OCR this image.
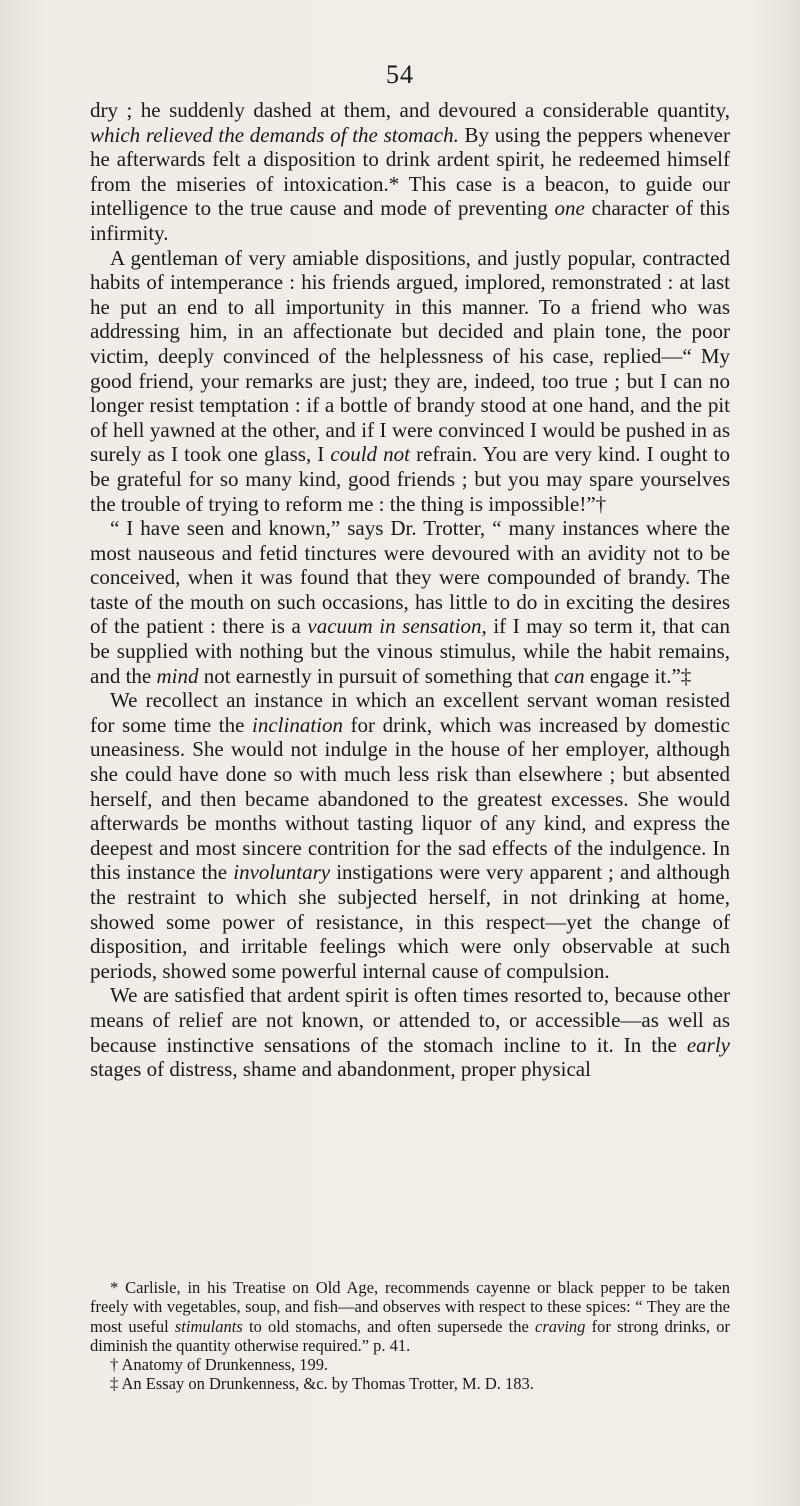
54

dry ; he suddenly dashed at them, and devoured a considerable quantity, which relieved the demands of the stomach. By using the peppers whenever he afterwards felt a disposition to drink ardent spirit, he redeemed himself from the miseries of intoxication.* This case is a beacon, to guide our intelligence to the true cause and mode of preventing one character of this infirmity.

A gentleman of very amiable dispositions, and justly popular, contracted habits of intemperance : his friends argued, implored, remonstrated : at last he put an end to all importunity in this manner. To a friend who was addressing him, in an affectionate but decided and plain tone, the poor victim, deeply convinced of the helplessness of his case, replied—“ My good friend, your remarks are just; they are, indeed, too true ; but I can no longer resist temptation : if a bottle of brandy stood at one hand, and the pit of hell yawned at the other, and if I were convinced I would be pushed in as surely as I took one glass, I could not refrain. You are very kind. I ought to be grateful for so many kind, good friends ; but you may spare yourselves the trouble of trying to reform me : the thing is impossible!”†

“ I have seen and known,” says Dr. Trotter, “ many instances where the most nauseous and fetid tinctures were devoured with an avidity not to be conceived, when it was found that they were compounded of brandy. The taste of the mouth on such occasions, has little to do in exciting the desires of the patient : there is a vacuum in sensation, if I may so term it, that can be supplied with nothing but the vinous stimulus, while the habit remains, and the mind not earnestly in pursuit of something that can engage it.”‡

We recollect an instance in which an excellent servant woman resisted for some time the inclination for drink, which was increased by domestic uneasiness. She would not indulge in the house of her employer, although she could have done so with much less risk than elsewhere ; but absented herself, and then became abandoned to the greatest excesses. She would afterwards be months without tasting liquor of any kind, and express the deepest and most sincere contrition for the sad effects of the indulgence. In this instance the involuntary instigations were very apparent ; and although the restraint to which she subjected herself, in not drinking at home, showed some power of resistance, in this respect—yet the change of disposition, and irritable feelings which were only observable at such periods, showed some powerful internal cause of compulsion.

We are satisfied that ardent spirit is often times resorted to, because other means of relief are not known, or attended to, or accessible—as well as because instinctive sensations of the stomach incline to it. In the early stages of distress, shame and abandonment, proper physical

* Carlisle, in his Treatise on Old Age, recommends cayenne or black pepper to be taken freely with vegetables, soup, and fish—and observes with respect to these spices: “ They are the most useful stimulants to old stomachs, and often supersede the craving for strong drinks, or diminish the quantity otherwise required.” p. 41.

† Anatomy of Drunkenness, 199.

‡ An Essay on Drunkenness, &c. by Thomas Trotter, M. D. 183.
